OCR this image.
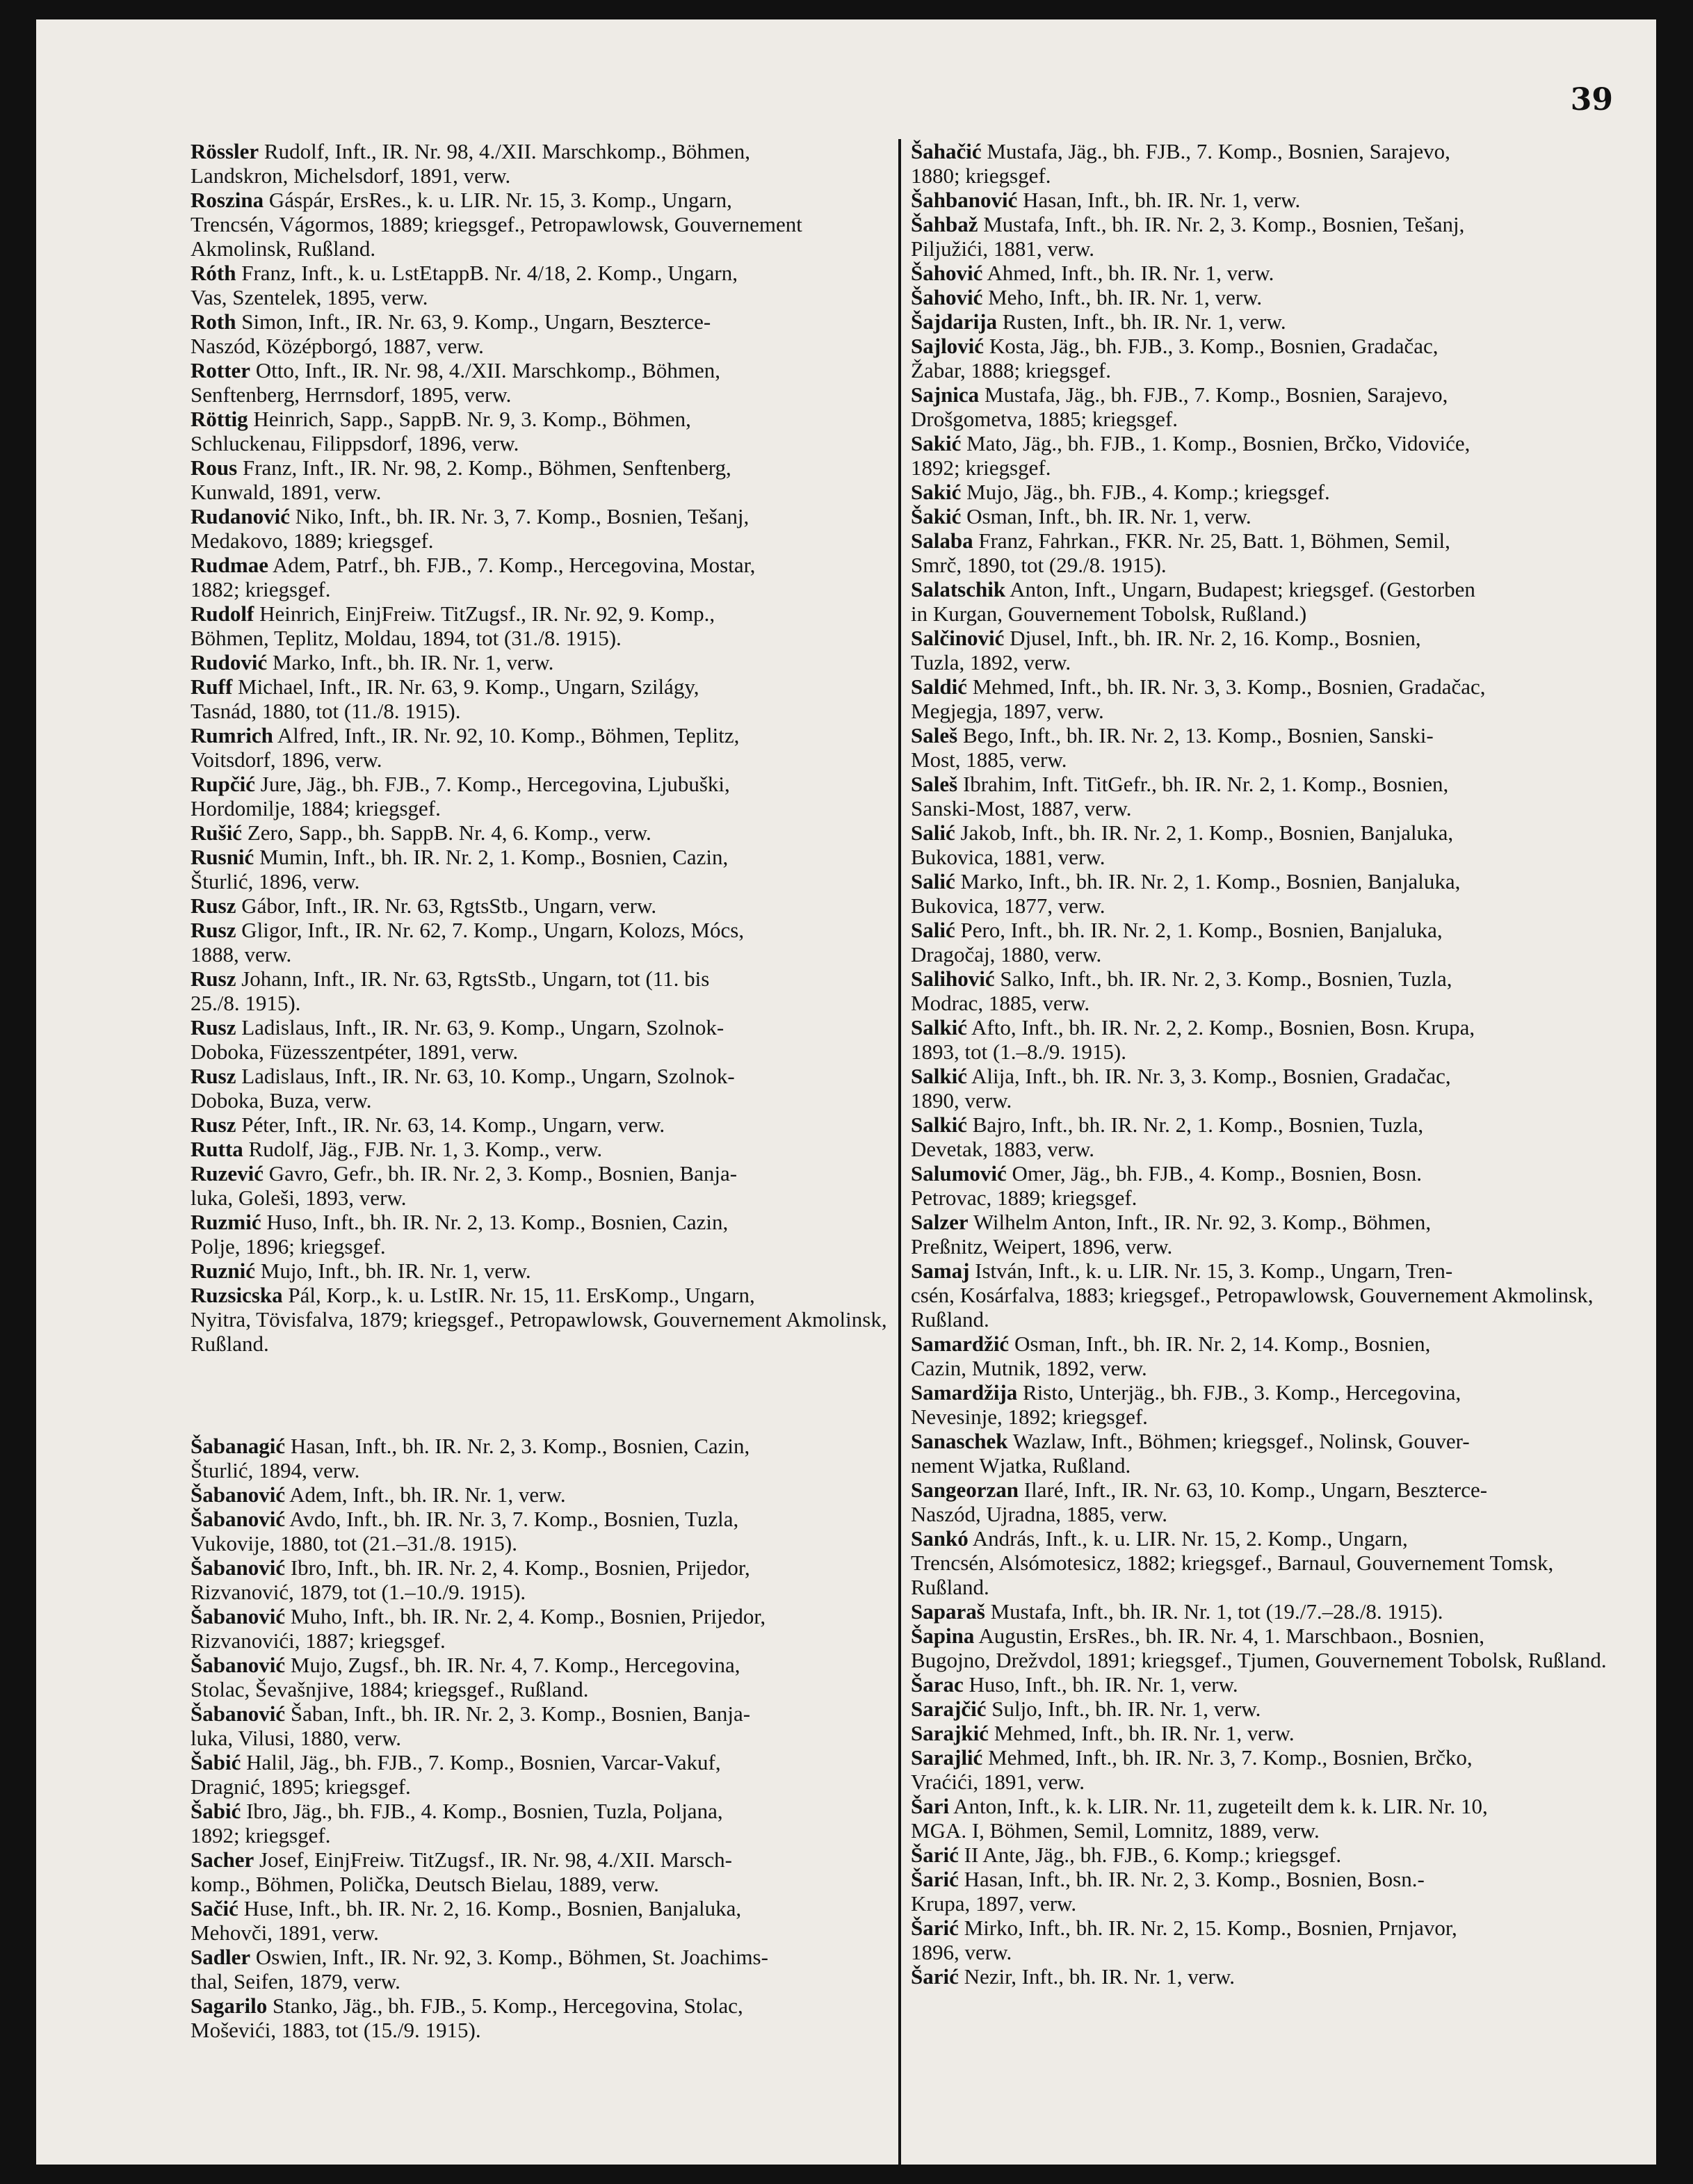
39
Rössler Rudolf, Inft., IR. Nr. 98, 4./XII. Marschkomp., Böhmen,
Landskron, Michelsdorf, 1891, verw.
Roszina Gáspár, ErsRes., k. u. LIR. Nr. 15, 3. Komp., Ungarn,
Trencsén, Vágormos, 1889; kriegsgef., Petropawlowsk, Gouvernement Akmolinsk, Rußland.
Róth Franz, Inft., k. u. LstEtappB. Nr. 4/18, 2. Komp., Ungarn,
Vas, Szentelek, 1895, verw.
Roth Simon, Inft., IR. Nr. 63, 9. Komp., Ungarn, Beszterce-
Naszód, Középborgó, 1887, verw.
Rotter Otto, Inft., IR. Nr. 98, 4./XII. Marschkomp., Böhmen,
Senftenberg, Herrnsdorf, 1895, verw.
Röttig Heinrich, Sapp., SappB. Nr. 9, 3. Komp., Böhmen,
Schluckenau, Filippsdorf, 1896, verw.
Rous Franz, Inft., IR. Nr. 98, 2. Komp., Böhmen, Senftenberg,
Kunwald, 1891, verw.
Rudanović Niko, Inft., bh. IR. Nr. 3, 7. Komp., Bosnien, Tešanj,
Medakovo, 1889; kriegsgef.
Rudmae Adem, Patrf., bh. FJB., 7. Komp., Hercegovina, Mostar,
1882; kriegsgef.
Rudolf Heinrich, EinjFreiw. TitZugsf., IR. Nr. 92, 9. Komp.,
Böhmen, Teplitz, Moldau, 1894, tot (31./8. 1915).
Rudović Marko, Inft., bh. IR. Nr. 1, verw.
Ruff Michael, Inft., IR. Nr. 63, 9. Komp., Ungarn, Szilágy,
Tasnád, 1880, tot (11./8. 1915).
Rumrich Alfred, Inft., IR. Nr. 92, 10. Komp., Böhmen, Teplitz,
Voitsdorf, 1896, verw.
Rupčić Jure, Jäg., bh. FJB., 7. Komp., Hercegovina, Ljubuški,
Hordomilje, 1884; kriegsgef.
Rušić Zero, Sapp., bh. SappB. Nr. 4, 6. Komp., verw.
Rusnić Mumin, Inft., bh. IR. Nr. 2, 1. Komp., Bosnien, Cazin,
Šturlić, 1896, verw.
Rusz Gábor, Inft., IR. Nr. 63, RgtsStb., Ungarn, verw.
Rusz Gligor, Inft., IR. Nr. 62, 7. Komp., Ungarn, Kolozs, Mócs,
1888, verw.
Rusz Johann, Inft., IR. Nr. 63, RgtsStb., Ungarn, tot (11. bis
25./8. 1915).
Rusz Ladislaus, Inft., IR. Nr. 63, 9. Komp., Ungarn, Szolnok-
Doboka, Füzesszentpéter, 1891, verw.
Rusz Ladislaus, Inft., IR. Nr. 63, 10. Komp., Ungarn, Szolnok-
Doboka, Buza, verw.
Rusz Péter, Inft., IR. Nr. 63, 14. Komp., Ungarn, verw.
Rutta Rudolf, Jäg., FJB. Nr. 1, 3. Komp., verw.
Ruzević Gavro, Gefr., bh. IR. Nr. 2, 3. Komp., Bosnien, Banja-
luka, Goleši, 1893, verw.
Ruzmić Huso, Inft., bh. IR. Nr. 2, 13. Komp., Bosnien, Cazin,
Polje, 1896; kriegsgef.
Ruznić Mujo, Inft., bh. IR. Nr. 1, verw.
Ruzsicska Pál, Korp., k. u. LstIR. Nr. 15, 11. ErsKomp., Ungarn,
Nyitra, Tövisfalva, 1879; kriegsgef., Petropawlowsk, Gouvernement Akmolinsk, Rußland.
Šabanagić Hasan, Inft., bh. IR. Nr. 2, 3. Komp., Bosnien, Cazin,
Šturlić, 1894, verw.
Šabanović Adem, Inft., bh. IR. Nr. 1, verw.
Šabanović Avdo, Inft., bh. IR. Nr. 3, 7. Komp., Bosnien, Tuzla,
Vukovije, 1880, tot (21.–31./8. 1915).
Šabanović Ibro, Inft., bh. IR. Nr. 2, 4. Komp., Bosnien, Prijedor,
Rizvanović, 1879, tot (1.–10./9. 1915).
Šabanović Muho, Inft., bh. IR. Nr. 2, 4. Komp., Bosnien, Prijedor,
Rizvanovići, 1887; kriegsgef.
Šabanović Mujo, Zugsf., bh. IR. Nr. 4, 7. Komp., Hercegovina,
Stolac, Ševašnjive, 1884; kriegsgef., Rußland.
Šabanović Šaban, Inft., bh. IR. Nr. 2, 3. Komp., Bosnien, Banja-
luka, Vilusi, 1880, verw.
Šabić Halil, Jäg., bh. FJB., 7. Komp., Bosnien, Varcar-Vakuf,
Dragnić, 1895; kriegsgef.
Šabić Ibro, Jäg., bh. FJB., 4. Komp., Bosnien, Tuzla, Poljana,
1892; kriegsgef.
Sacher Josef, EinjFreiw. TitZugsf., IR. Nr. 98, 4./XII. Marsch-
komp., Böhmen, Polička, Deutsch Bielau, 1889, verw.
Sačić Huse, Inft., bh. IR. Nr. 2, 16. Komp., Bosnien, Banjaluka,
Mehovči, 1891, verw.
Sadler Oswien, Inft., IR. Nr. 92, 3. Komp., Böhmen, St. Joachims-
thal, Seifen, 1879, verw.
Sagarilo Stanko, Jäg., bh. FJB., 5. Komp., Hercegovina, Stolac,
Moševići, 1883, tot (15./9. 1915).
Šahačić Mustafa, Jäg., bh. FJB., 7. Komp., Bosnien, Sarajevo,
1880; kriegsgef.
Šahbanović Hasan, Inft., bh. IR. Nr. 1, verw.
Šahbaž Mustafa, Inft., bh. IR. Nr. 2, 3. Komp., Bosnien, Tešanj,
Piljužići, 1881, verw.
Šahović Ahmed, Inft., bh. IR. Nr. 1, verw.
Šahović Meho, Inft., bh. IR. Nr. 1, verw.
Šajdarija Rusten, Inft., bh. IR. Nr. 1, verw.
Sajlović Kosta, Jäg., bh. FJB., 3. Komp., Bosnien, Gradačac,
Žabar, 1888; kriegsgef.
Sajnica Mustafa, Jäg., bh. FJB., 7. Komp., Bosnien, Sarajevo,
Drošgometva, 1885; kriegsgef.
Sakić Mato, Jäg., bh. FJB., 1. Komp., Bosnien, Brčko, Vidoviće,
1892; kriegsgef.
Sakić Mujo, Jäg., bh. FJB., 4. Komp.; kriegsgef.
Šakić Osman, Inft., bh. IR. Nr. 1, verw.
Salaba Franz, Fahrkan., FKR. Nr. 25, Batt. 1, Böhmen, Semil,
Smrč, 1890, tot (29./8. 1915).
Salatschik Anton, Inft., Ungarn, Budapest; kriegsgef. (Gestorben
in Kurgan, Gouvernement Tobolsk, Rußland.)
Salčinović Djusel, Inft., bh. IR. Nr. 2, 16. Komp., Bosnien,
Tuzla, 1892, verw.
Saldić Mehmed, Inft., bh. IR. Nr. 3, 3. Komp., Bosnien, Gradačac,
Megjegja, 1897, verw.
Saleš Bego, Inft., bh. IR. Nr. 2, 13. Komp., Bosnien, Sanski-
Most, 1885, verw.
Saleš Ibrahim, Inft. TitGefr., bh. IR. Nr. 2, 1. Komp., Bosnien,
Sanski-Most, 1887, verw.
Salić Jakob, Inft., bh. IR. Nr. 2, 1. Komp., Bosnien, Banjaluka,
Bukovica, 1881, verw.
Salić Marko, Inft., bh. IR. Nr. 2, 1. Komp., Bosnien, Banjaluka,
Bukovica, 1877, verw.
Salić Pero, Inft., bh. IR. Nr. 2, 1. Komp., Bosnien, Banjaluka,
Dragočaj, 1880, verw.
Salihović Salko, Inft., bh. IR. Nr. 2, 3. Komp., Bosnien, Tuzla,
Modrac, 1885, verw.
Salkić Afto, Inft., bh. IR. Nr. 2, 2. Komp., Bosnien, Bosn. Krupa,
1893, tot (1.–8./9. 1915).
Salkić Alija, Inft., bh. IR. Nr. 3, 3. Komp., Bosnien, Gradačac,
1890, verw.
Salkić Bajro, Inft., bh. IR. Nr. 2, 1. Komp., Bosnien, Tuzla,
Devetak, 1883, verw.
Salumović Omer, Jäg., bh. FJB., 4. Komp., Bosnien, Bosn.
Petrovac, 1889; kriegsgef.
Salzer Wilhelm Anton, Inft., IR. Nr. 92, 3. Komp., Böhmen,
Preßnitz, Weipert, 1896, verw.
Samaj István, Inft., k. u. LIR. Nr. 15, 3. Komp., Ungarn, Tren-
csén, Kosárfalva, 1883; kriegsgef., Petropawlowsk, Gouvernement Akmolinsk, Rußland.
Samardžić Osman, Inft., bh. IR. Nr. 2, 14. Komp., Bosnien,
Cazin, Mutnik, 1892, verw.
Samardžija Risto, Unterjäg., bh. FJB., 3. Komp., Hercegovina,
Nevesinje, 1892; kriegsgef.
Sanaschek Wazlaw, Inft., Böhmen; kriegsgef., Nolinsk, Gouver-
nement Wjatka, Rußland.
Sangeorzan Ilaré, Inft., IR. Nr. 63, 10. Komp., Ungarn, Beszterce-
Naszód, Ujradna, 1885, verw.
Sankó András, Inft., k. u. LIR. Nr. 15, 2. Komp., Ungarn,
Trencsén, Alsómotesicz, 1882; kriegsgef., Barnaul, Gouvernement Tomsk, Rußland.
Saparaš Mustafa, Inft., bh. IR. Nr. 1, tot (19./7.–28./8. 1915).
Šapina Augustin, ErsRes., bh. IR. Nr. 4, 1. Marschbaon., Bosnien,
Bugojno, Drežvdol, 1891; kriegsgef., Tjumen, Gouvernement Tobolsk, Rußland.
Šarac Huso, Inft., bh. IR. Nr. 1, verw.
Sarajčić Suljo, Inft., bh. IR. Nr. 1, verw.
Sarajkić Mehmed, Inft., bh. IR. Nr. 1, verw.
Sarajlić Mehmed, Inft., bh. IR. Nr. 3, 7. Komp., Bosnien, Brčko,
Vraćići, 1891, verw.
Šari Anton, Inft., k. k. LIR. Nr. 11, zugeteilt dem k. k. LIR. Nr. 10,
MGA. I, Böhmen, Semil, Lomnitz, 1889, verw.
Šarić II Ante, Jäg., bh. FJB., 6. Komp.; kriegsgef.
Šarić Hasan, Inft., bh. IR. Nr. 2, 3. Komp., Bosnien, Bosn.-
Krupa, 1897, verw.
Šarić Mirko, Inft., bh. IR. Nr. 2, 15. Komp., Bosnien, Prnjavor,
1896, verw.
Šarić Nezir, Inft., bh. IR. Nr. 1, verw.
